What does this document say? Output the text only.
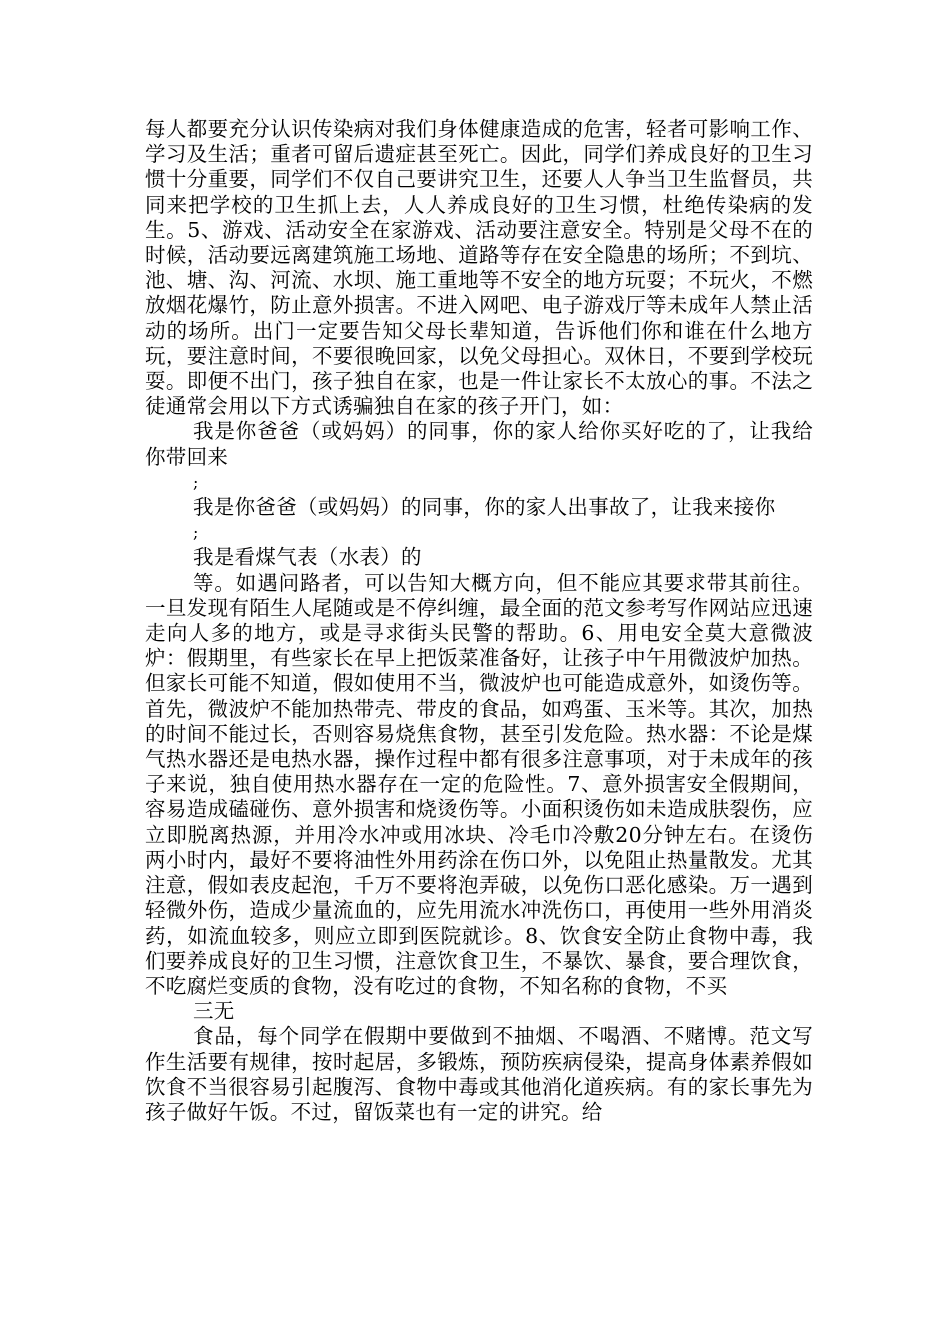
每人都要充分认识传染病对我们身体健康造成的危害，轻者可影响工作、学习及生活；重者可留后遗症甚至死亡。因此，同学们养成良好的卫生习惯十分重要，同学们不仅自己要讲究卫生，还要人人争当卫生监督员，共同来把学校的卫生抓上去，人人养成良好的卫生习惯，杜绝传染病的发生。5、游戏、活动安全在家游戏、活动要注意安全。特别是父母不在的时候，活动要远离建筑施工场地、道路等存在安全隐患的场所；不到坑、池、塘、沟、河流、水坝、施工重地等不安全的地方玩耍；不玩火，不燃放烟花爆竹，防止意外损害。不进入网吧、电子游戏厅等未成年人禁止活动的场所。出门一定要告知父母长辈知道，告诉他们你和谁在什么地方玩，要注意时间，不要很晚回家，以免父母担心。双休日，不要到学校玩耍。即便不出门，孩子独自在家，也是一件让家长不太放心的事。不法之徒通常会用以下方式诱骗独自在家的孩子开门，如：

我是你爸爸（或妈妈）的同事，你的家人给你买好吃的了，让我给你带回来

;

我是你爸爸（或妈妈）的同事，你的家人出事故了，让我来接你

;

我是看煤气表（水表）的

等。如遇问路者，可以告知大概方向，但不能应其要求带其前往。一旦发现有陌生人尾随或是不停纠缠，最全面的范文参考写作网站应迅速走向人多的地方，或是寻求街头民警的帮助。6、用电安全莫大意微波炉：假期里，有些家长在早上把饭菜准备好，让孩子中午用微波炉加热。但家长可能不知道，假如使用不当，微波炉也可能造成意外，如烫伤等。首先，微波炉不能加热带壳、带皮的食品，如鸡蛋、玉米等。其次，加热的时间不能过长，否则容易烧焦食物，甚至引发危险。热水器：不论是煤气热水器还是电热水器，操作过程中都有很多注意事项，对于未成年的孩子来说，独自使用热水器存在一定的危险性。7、意外损害安全假期间，容易造成磕碰伤、意外损害和烧烫伤等。小面积烫伤如未造成肤裂伤，应立即脱离热源，并用冷水冲或用冰块、冷毛巾冷敷20分钟左右。在烫伤两小时内，最好不要将油性外用药涂在伤口外，以免阻止热量散发。尤其注意，假如表皮起泡，千万不要将泡弄破，以免伤口恶化感染。万一遇到轻微外伤，造成少量流血的，应先用流水冲洗伤口，再使用一些外用消炎药，如流血较多，则应立即到医院就诊。8、饮食安全防止食物中毒，我们要养成良好的卫生习惯，注意饮食卫生，不暴饮、暴食，要合理饮食，不吃腐烂变质的食物，没有吃过的食物，不知名称的食物，不买

三无

食品，每个同学在假期中要做到不抽烟、不喝酒、不赌博。范文写作生活要有规律，按时起居，多锻炼，预防疾病侵染，提高身体素养假如饮食不当很容易引起腹泻、食物中毒或其他消化道疾病。有的家长事先为孩子做好午饭。不过，留饭菜也有一定的讲究。给
